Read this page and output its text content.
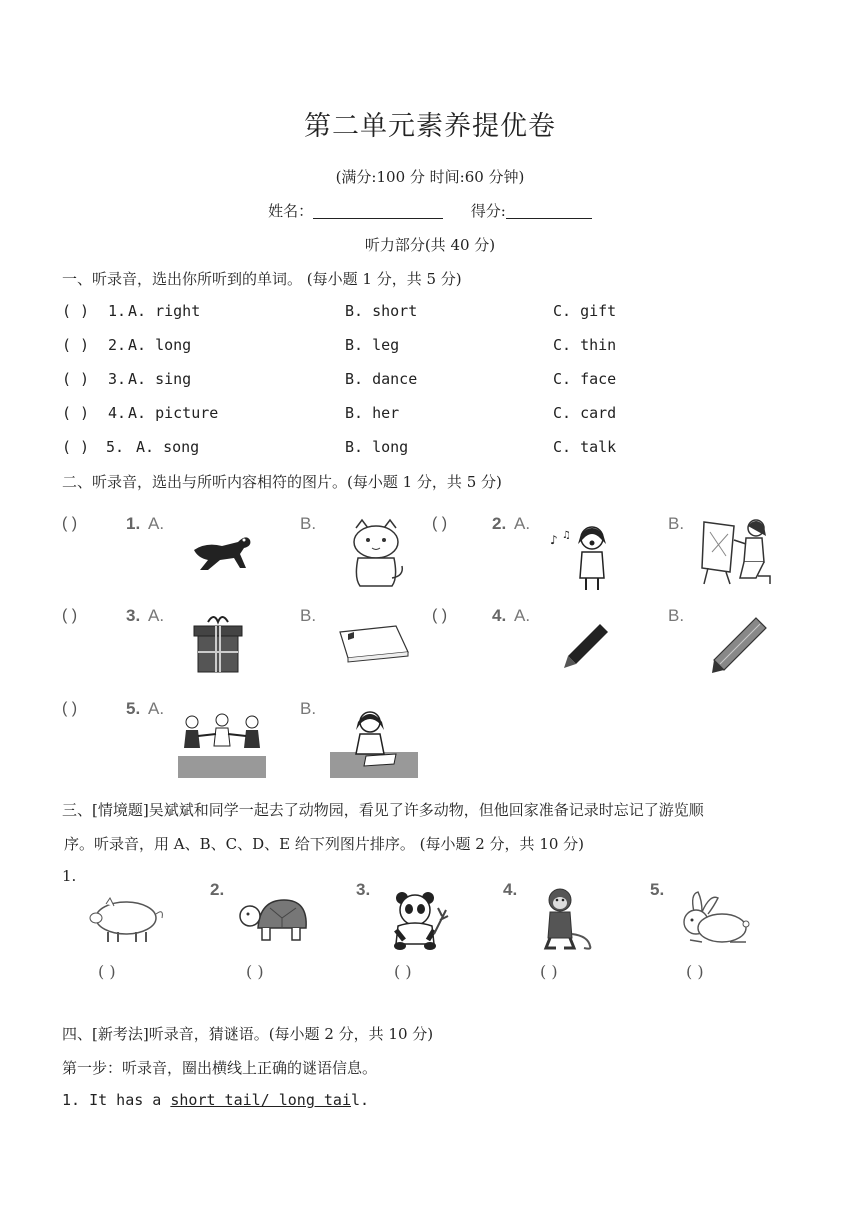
第二单元素养提优卷
(满分:100 分 时间:60 分钟)
姓名：	得分:
听力部分(共 40 分)
一、听录音，选出你所听到的单词。 (每小题 1 分，共 5 分)
( ) 1. A. right	B. short	C. gift
( ) 2. A. long	B. leg	C. thin
( ) 3. A. sing	B. dance	C. face
( ) 4. A. picture	B. her	C. card
( ) 5. A. song	B. long	C. talk
二、听录音，选出与所听内容相符的图片。(每小题 1 分，共 5 分)
( )	1. A.	B.	( )	2. A.
♪ ♫
B.
( )	3. A.	B.	( )	4. A.	B.
( )	5. A.	B.
三、[情境题]吴斌斌和同学一起去了动物园，看见了许多动物，但他回家准备记录时忘记了游览顺
序。听录音，用 A、B、C、D、E 给下列图片排序。 (每小题 2 分，共 10 分)
1.
( )
2.
( )
3.
( )
4.
( )
5.
( )
四、[新考法]听录音，猜谜语。(每小题 2 分，共 10 分)
第一步：听录音，圈出横线上正确的谜语信息。
1. It has a short tail/ long tail.
